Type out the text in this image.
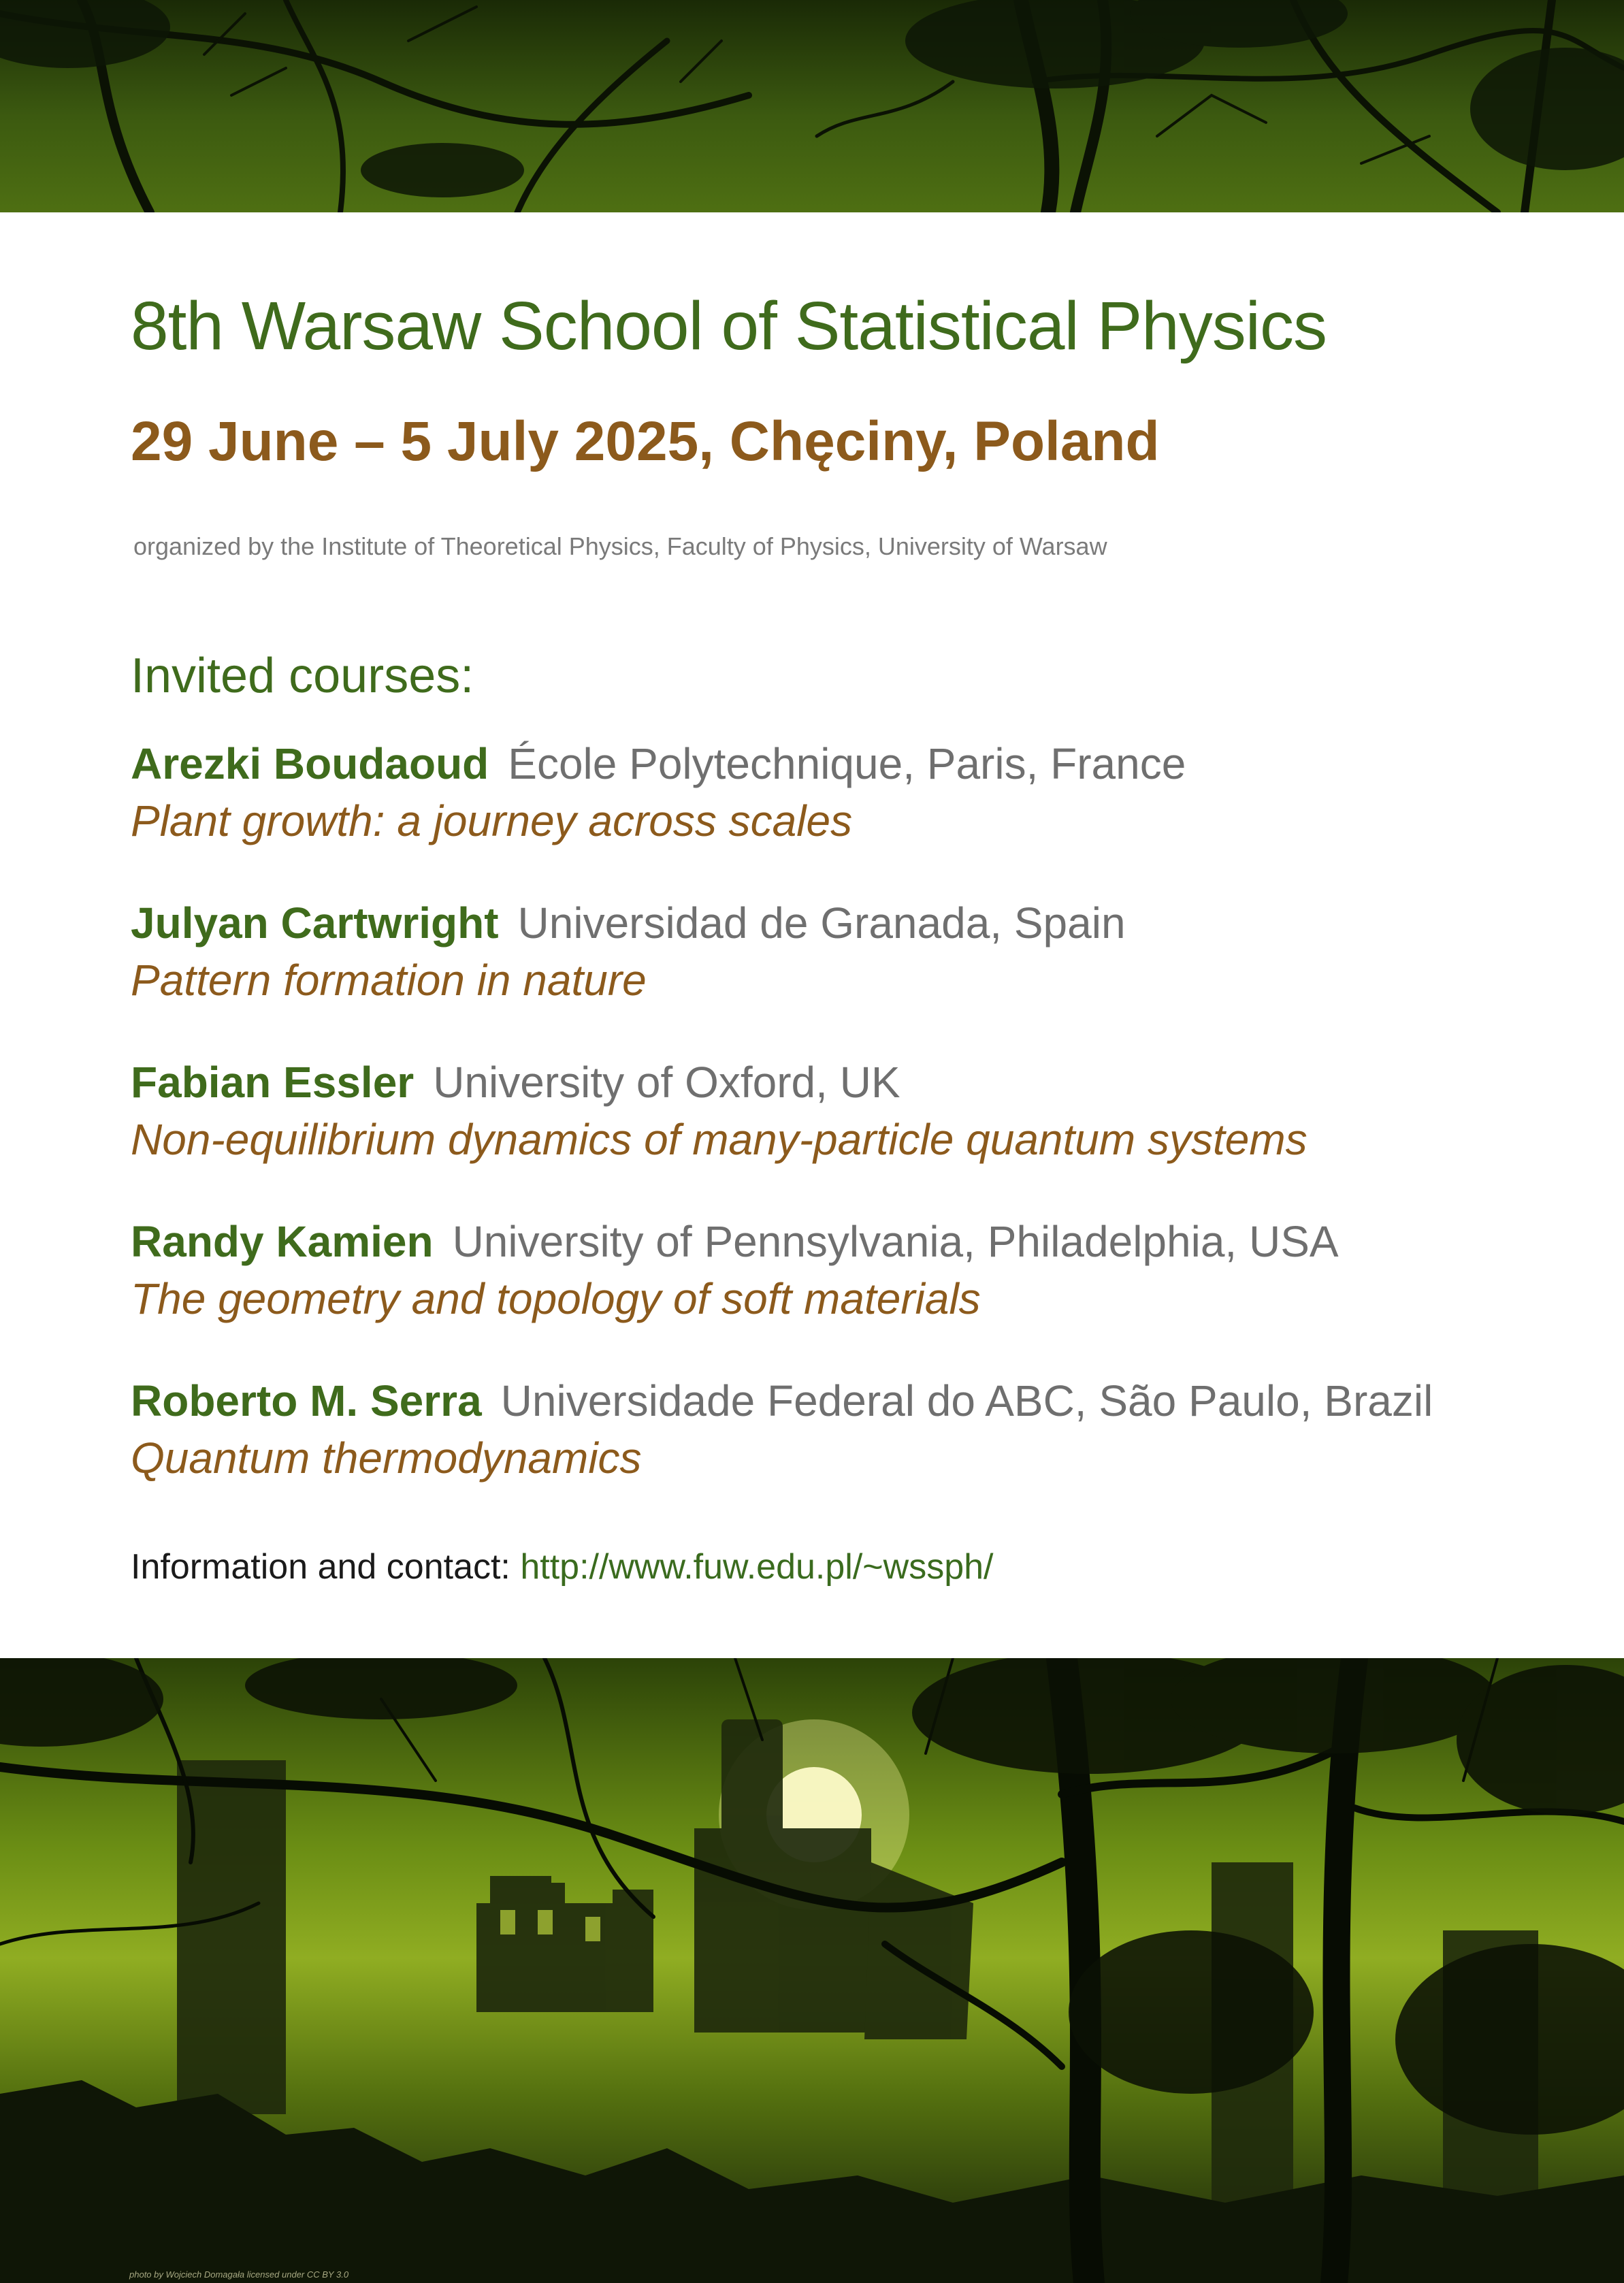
8th Warsaw School of Statistical Physics
29 June – 5 July 2025, Chęciny, Poland
organized by the Institute of Theoretical Physics, Faculty of Physics, University of Warsaw
Invited courses:
Arezki Boudaoud École Polytechnique, Paris, France
Plant growth: a journey across scales
Julyan Cartwright Universidad de Granada, Spain
Pattern formation in nature
Fabian Essler University of Oxford, UK
Non-equilibrium dynamics of many-particle quantum systems
Randy Kamien University of Pennsylvania, Philadelphia, USA
The geometry and topology of soft materials
Roberto M. Serra Universidade Federal do ABC, São Paulo, Brazil
Quantum thermodynamics
Information and contact: http://www.fuw.edu.pl/~wssph/
photo by Wojciech Domagała licensed under CC BY 3.0
